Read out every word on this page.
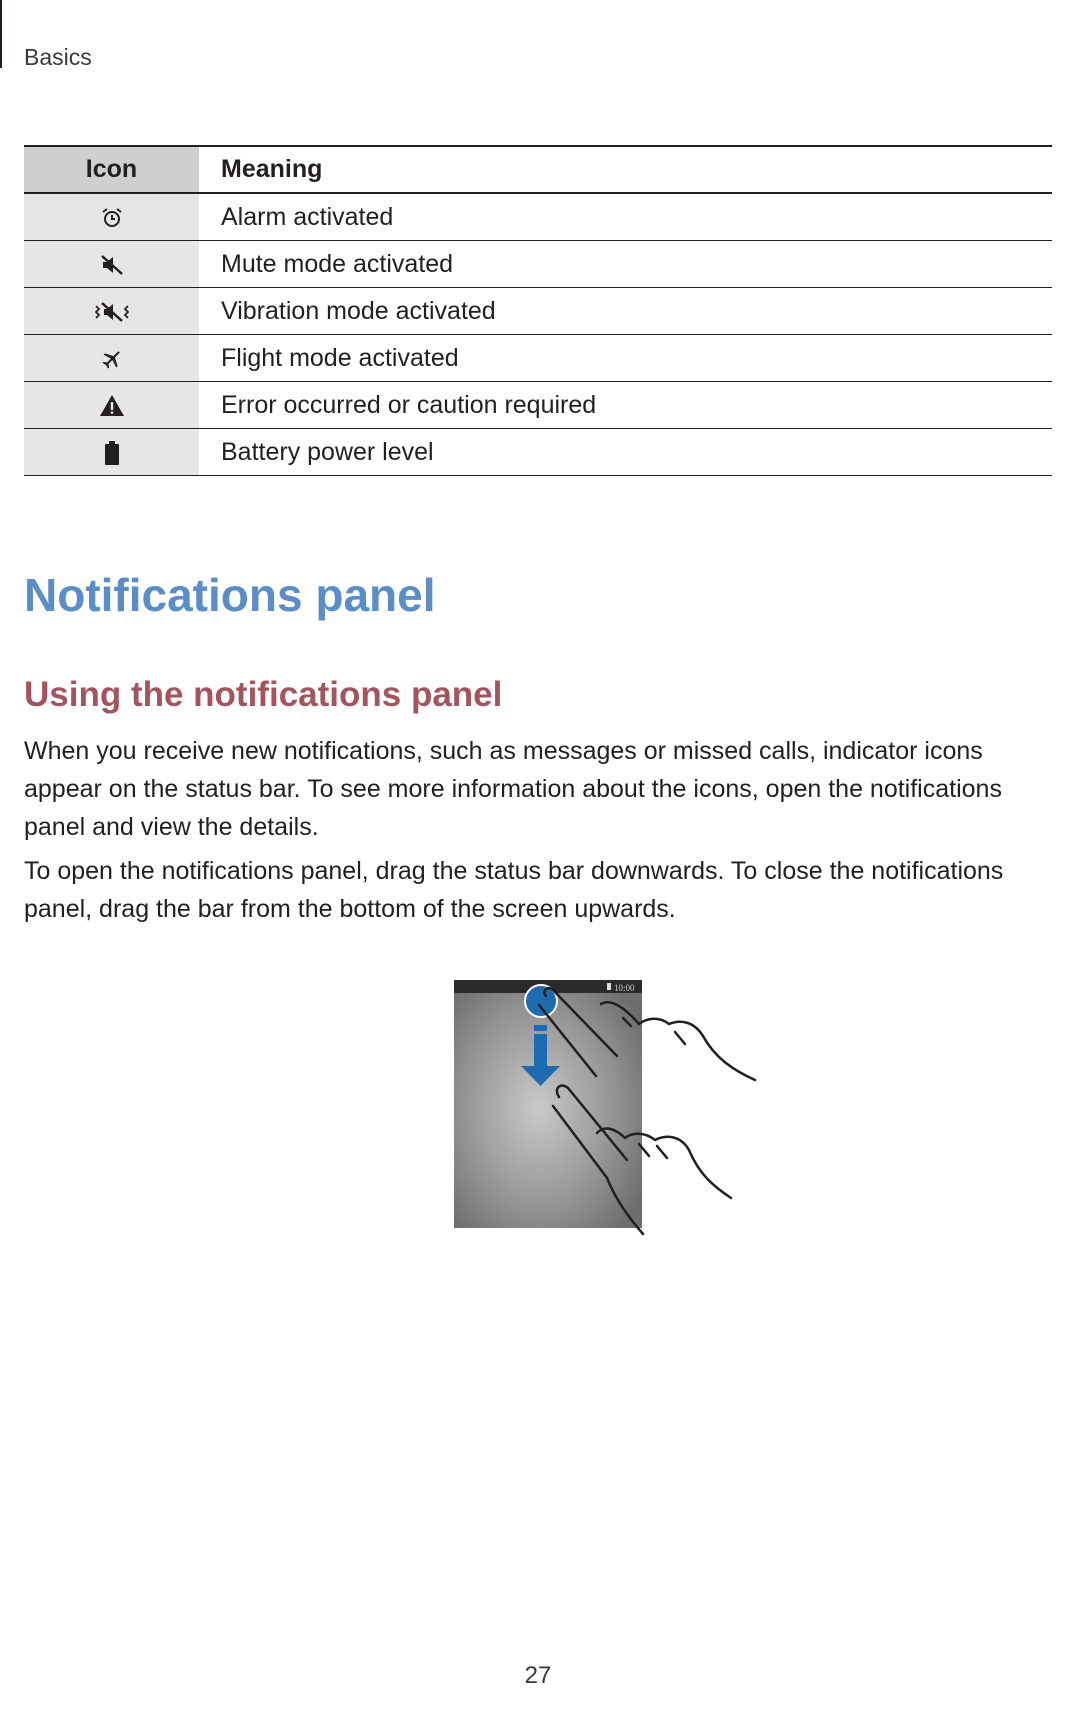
Basics
Icon	Meaning
	Alarm activated
	Mute mode activated
	Vibration mode activated
	Flight mode activated
	Error occurred or caution required
	Battery power level
Notifications panel
Using the notifications panel

When you receive new notifications, such as messages or missed calls, indicator icons appear on the status bar. To see more information about the icons, open the notifications panel and view the details.

To open the notifications panel, drag the status bar downwards. To close the notifications panel, drag the bar from the bottom of the screen upwards.

10:00
27
